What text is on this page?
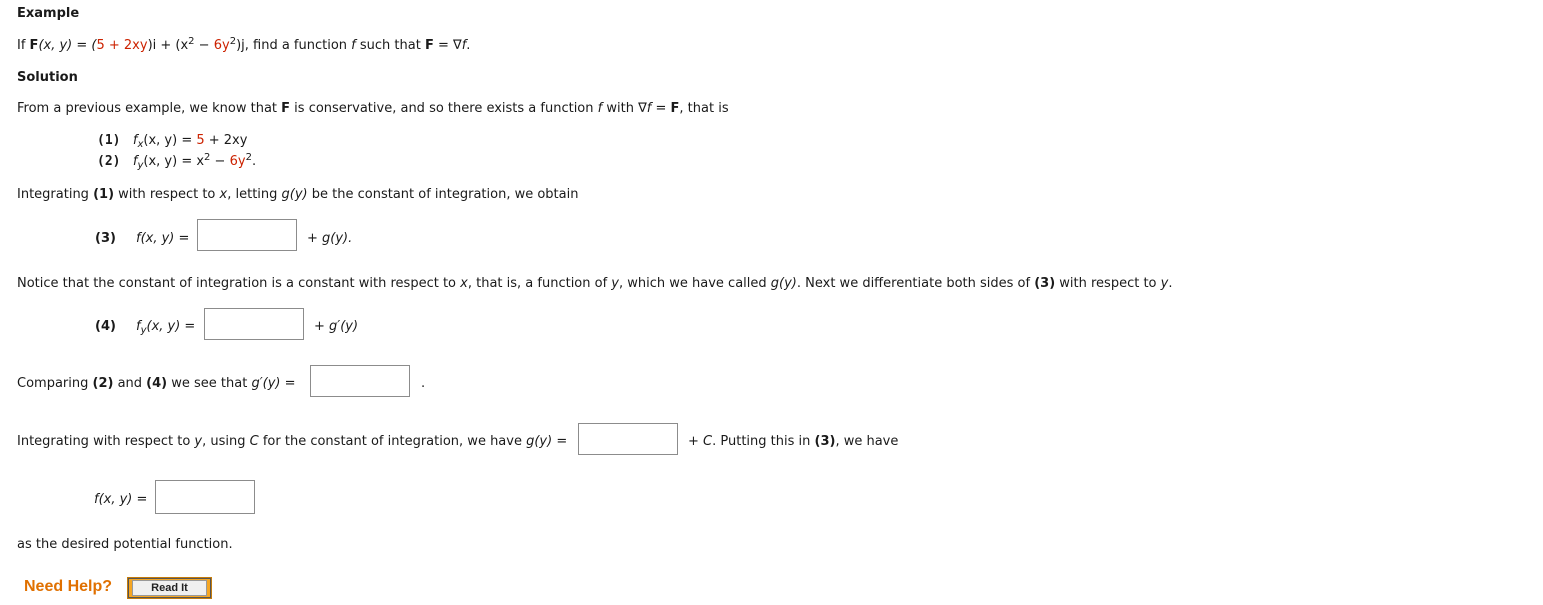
Example
If F(x, $y) = (5 + 2xy)i + (x^2 - 6y^2)j$, find a function f such that F = ∇f.
Solution
From a previous example, we know that F is conservative, and so there exists a function f with ∇f = F, that is
(1) $f_x(x$, y) = 5 + 2xy
(2) $f_y(x$, $y) = x^2 - 6y^2$.
Integrating (1) with respect to x, letting g(y) be the constant of integration, we obtain
(3) f(x, y) =	+ g(y).
Notice that the constant of integration is a constant with respect to x, that is, a function of y, which we have called g(y). Next we differentiate both sides of (3) with respect to y.
(4) $f_y(x$, y) =	+ g′(y)
Comparing (2) and (4) we see that g′(y) =	.
Integrating with respect to y, using C for the constant of integration, we have g(y) =	+ C. Putting this in (3), we have
f(x, y) =
as the desired potential function.
Need Help?	Read It
